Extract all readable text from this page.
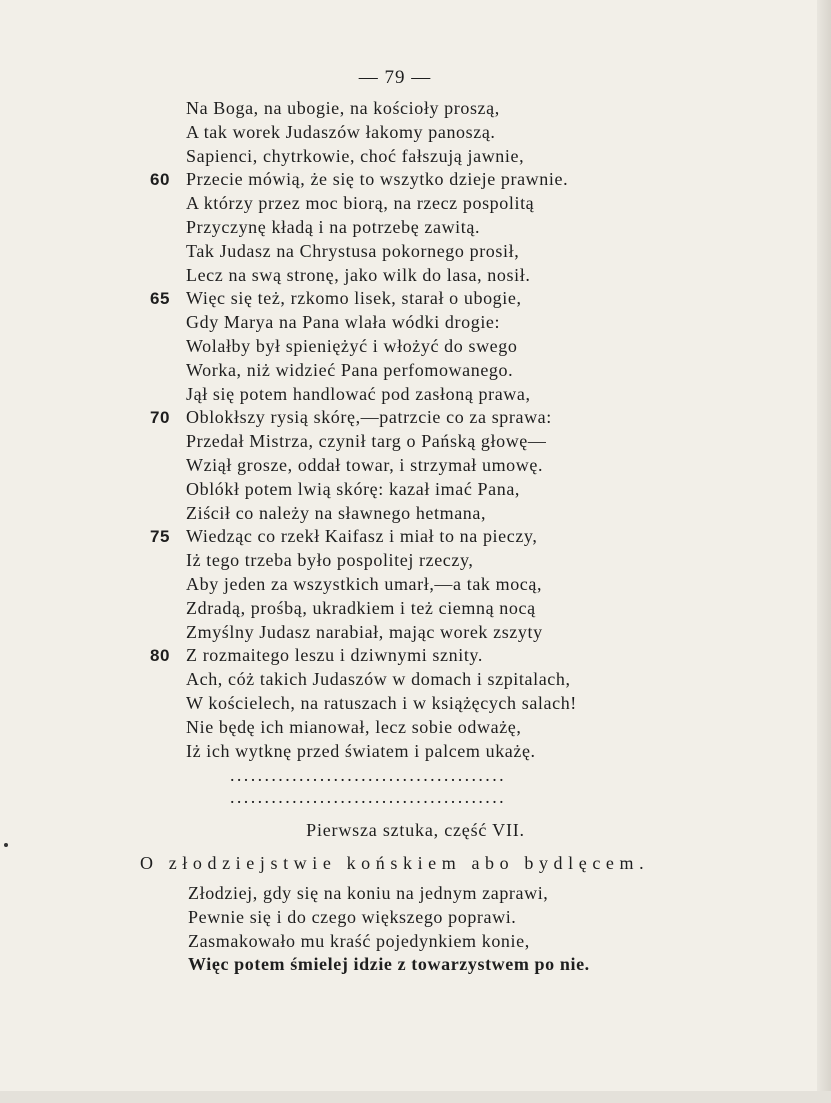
— 79 —
Na Boga, na ubogie, na kościoły proszą,
A tak worek Judaszów łakomy panoszą.
Sapienci, chytrkowie, choć fałszują jawnie,
60 Przecie mówią, że się to wszytko dzieje prawnie.
A którzy przez moc biorą, na rzecz pospolitą
Przyczynę kładą i na potrzebę zawitą.
Tak Judasz na Chrystusa pokornego prosił,
Lecz na swą stronę, jako wilk do lasa, nosił.
65 Więc się też, rzkomo lisek, starał o ubogie,
Gdy Marya na Pana wlała wódki drogie:
Wolałby był spieniężyć i włożyć do swego
Worka, niż widzieć Pana perfomowanego.
Jął się potem handlować pod zasłoną prawa,
70 Oblokłszy rysią skórę,—patrzcie co za sprawa:
Przedał Mistrza, czynił targ o Pańską głowę—
Wziął grosze, oddał towar, i strzymał umowę.
Oblókł potem lwią skórę: kazał imać Pana,
Ziścił co należy na sławnego hetmana,
75 Wiedząc co rzekł Kaifasz i miał to na pieczy,
Iż tego trzeba było pospolitej rzeczy,
Aby jeden za wszystkich umarł,—a tak mocą,
Zdradą, prośbą, ukradkiem i też ciemną nocą
Zmyślny Judasz narabiał, mając worek zszyty
80 Z rozmaitego leszu i dziwnymi sznity.
Ach, cóż takich Judaszów w domach i szpitalach,
W kościelech, na ratuszach i w książęcych salach!
Nie będę ich mianował, lecz sobie odważę,
Iż ich wytknę przed światem i palcem ukażę.
........................................
........................................
Pierwsza sztuka, część VII.
O złodziejstwie końskiem abo bydlęcem.
Złodziej, gdy się na koniu na jednym zaprawi,
Pewnie się i do czego większego poprawi.
Zasmakowało mu kraść pojedynkiem konie,
Więc potem śmielej idzie z towarzystwem po nie.
